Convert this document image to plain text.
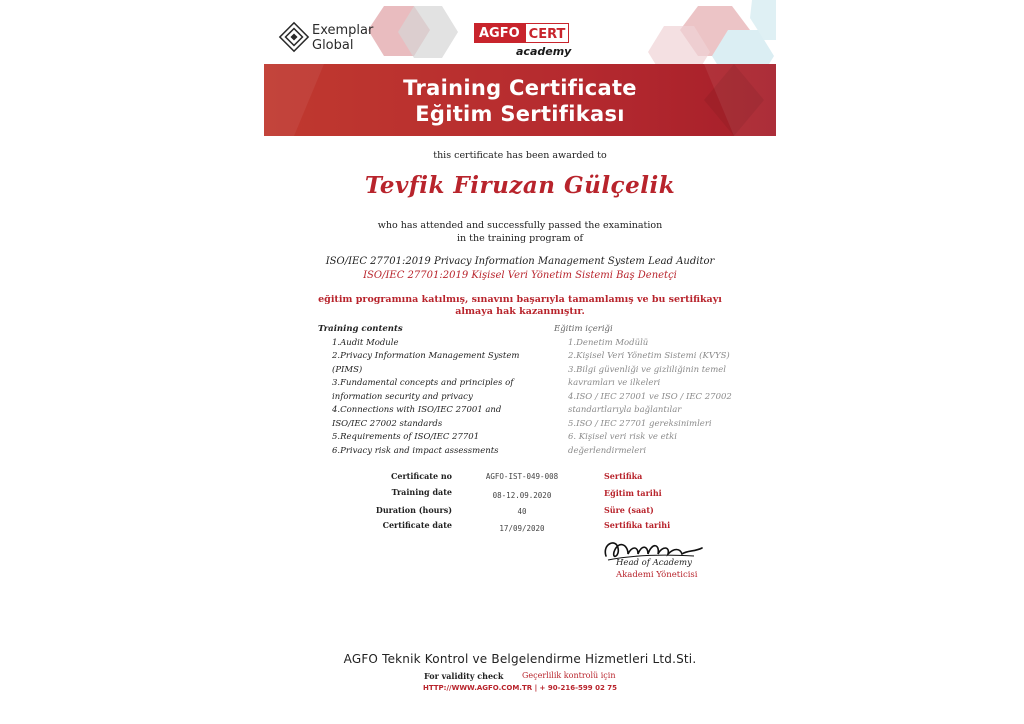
Exemplar
Global
AGFO CERT
academy
Training Certificate
Eğitim Sertifikası
this certificate has been awarded to
Tevfik Firuzan Gülçelik
who has attended and successfully passed the examination
in the training program of
ISO/IEC 27701:2019 Privacy Information Management System Lead Auditor
ISO/IEC 27701:2019 Kişisel Veri Yönetim Sistemi Baş Denetçi
eğitim programına katılmış, sınavını başarıyla tamamlamış ve bu sertifikayı
almaya hak kazanmıştır.
Training contents
1.Audit Module
2.Privacy Information Management System
(PIMS)
3.Fundamental concepts and principles of
information security and privacy
4.Connections with ISO/IEC 27001 and
ISO/IEC 27002 standards
5.Requirements of ISO/IEC 27701
6.Privacy risk and impact assessments
Eğitim içeriği
1.Denetim Modülü
2.Kişisel Veri Yönetim Sistemi (KVYS)
3.Bilgi güvenliği ve gizliliğinin temel
kavramları ve ilkeleri
4.ISO / IEC 27001 ve ISO / IEC 27002
standartlarıyla bağlantılar
5.ISO / IEC 27701 gereksinimleri
6. Kişisel veri risk ve etki
değerlendirmeleri
Certificate no	AGFO-IST-049-008	Sertifika
Training date	08-12.09.2020	Eğitim tarihi
Duration (hours)	40	Süre (saat)
Certificate date	17/09/2020	Sertifika tarihi
Head of Academy
Akademi Yöneticisi
AGFO Teknik Kontrol ve Belgelendirme Hizmetleri Ltd.Sti.
For validity check Geçerlilik kontrolü için
HTTP://WWW.AGFO.COM.TR | + 90-216-599 02 75
